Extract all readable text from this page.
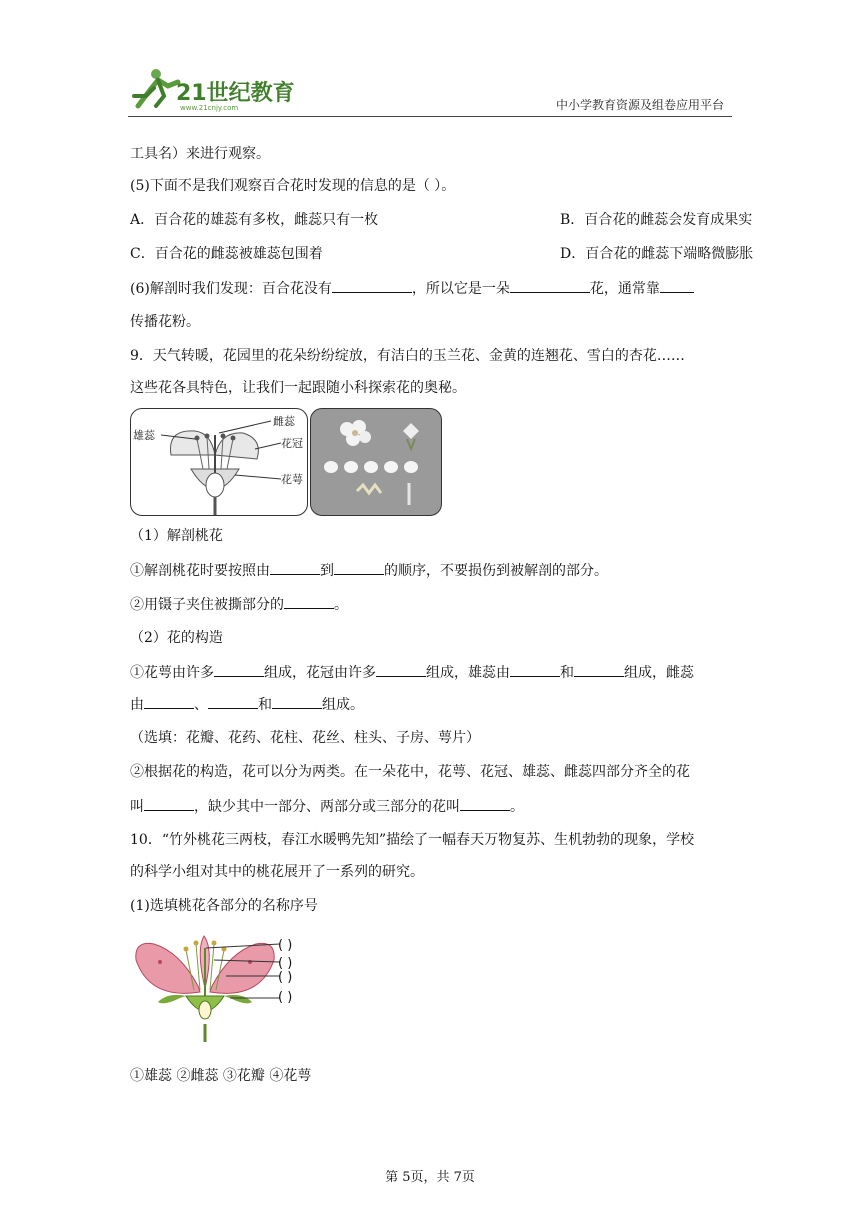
21世纪教育
www.21cnjy.com	中小学教育资源及组卷应用平台
工具名）来进行观察。
(5)下面不是我们观察百合花时发现的信息的是（ ）。
A．百合花的雄蕊有多枚，雌蕊只有一枚	B．百合花的雌蕊会发育成果实
C．百合花的雌蕊被雄蕊包围着	D．百合花的雌蕊下端略微膨胀
(6)解剖时我们发现：百合花没有	，所以它是一朵	花，通常靠
传播花粉。
9．天气转暖，花园里的花朵纷纷绽放，有洁白的玉兰花、金黄的连翘花、雪白的杏花……
这些花各具特色，让我们一起跟随小科探索花的奥秘。
雄蕊
雌蕊
花冠
花萼
（1）解剖桃花
①解剖桃花时要按照由	到	的顺序，不要损伤到被解剖的部分。
②用镊子夹住被撕部分的	。
（2）花的构造
①花萼由许多	组成，花冠由许多	组成，雄蕊由	和	组成，雌蕊
由	、	和	组成。
（选填：花瓣、花药、花柱、花丝、柱头、子房、萼片）
②根据花的构造，花可以分为两类。在一朵花中，花萼、花冠、雄蕊、雌蕊四部分齐全的花
叫	，缺少其中一部分、两部分或三部分的花叫	。
10．“竹外桃花三两枝，春江水暖鸭先知”描绘了一幅春天万物复苏、生机勃勃的现象，学校
的科学小组对其中的桃花展开了一系列的研究。
(1)选填桃花各部分的名称序号
( )
( )
( )
( )
①雄蕊 ②雌蕊 ③花瓣 ④花萼
第 5页，共 7页
